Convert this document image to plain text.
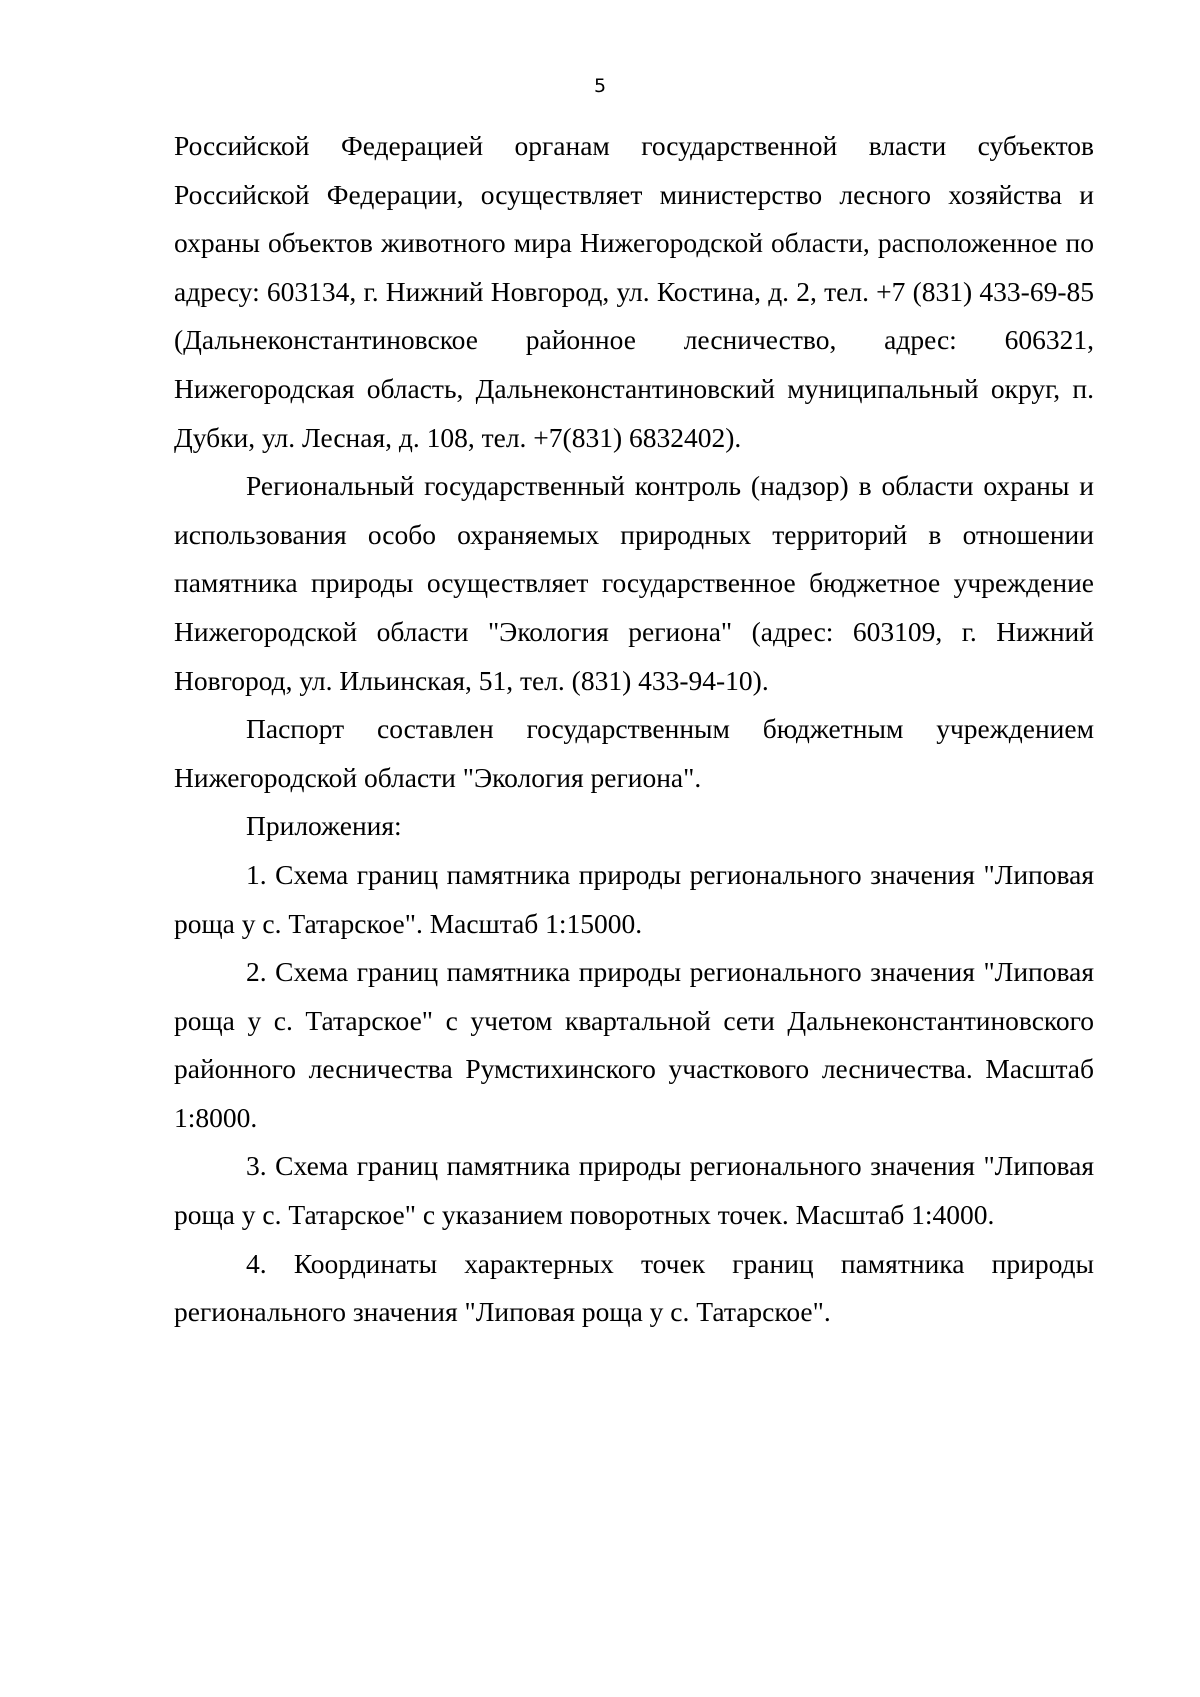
5

Российской Федерацией органам государственной власти субъектов Российской Федерации, осуществляет министерство лесного хозяйства и охраны объектов животного мира Нижегородской области, расположенное по адресу: 603134, г. Нижний Новгород, ул. Костина, д. 2, тел. +7 (831) 433-69-85 (Дальнеконстантиновское районное лесничество, адрес: 606321, Нижегородская область, Дальнеконстантиновский муниципальный округ, п. Дубки, ул. Лесная, д. 108, тел. +7(831) 6832402).

Региональный государственный контроль (надзор) в области охраны и использования особо охраняемых природных территорий в отношении памятника природы осуществляет государственное бюджетное учреждение Нижегородской области "Экология региона" (адрес: 603109, г. Нижний Новгород, ул. Ильинская, 51, тел. (831) 433-94-10).

Паспорт составлен государственным бюджетным учреждением Нижегородской области "Экология региона".

Приложения:

1. Схема границ памятника природы регионального значения "Липовая роща у с. Татарское". Масштаб 1:15000.

2. Схема границ памятника природы регионального значения "Липовая роща у с. Татарское" с учетом квартальной сети Дальнеконстантиновского районного лесничества Румстихинского участкового лесничества. Масштаб 1:8000.

3. Схема границ памятника природы регионального значения "Липовая роща у с. Татарское" с указанием поворотных точек. Масштаб 1:4000.

4. Координаты характерных точек границ памятника природы регионального значения "Липовая роща у с. Татарское".
